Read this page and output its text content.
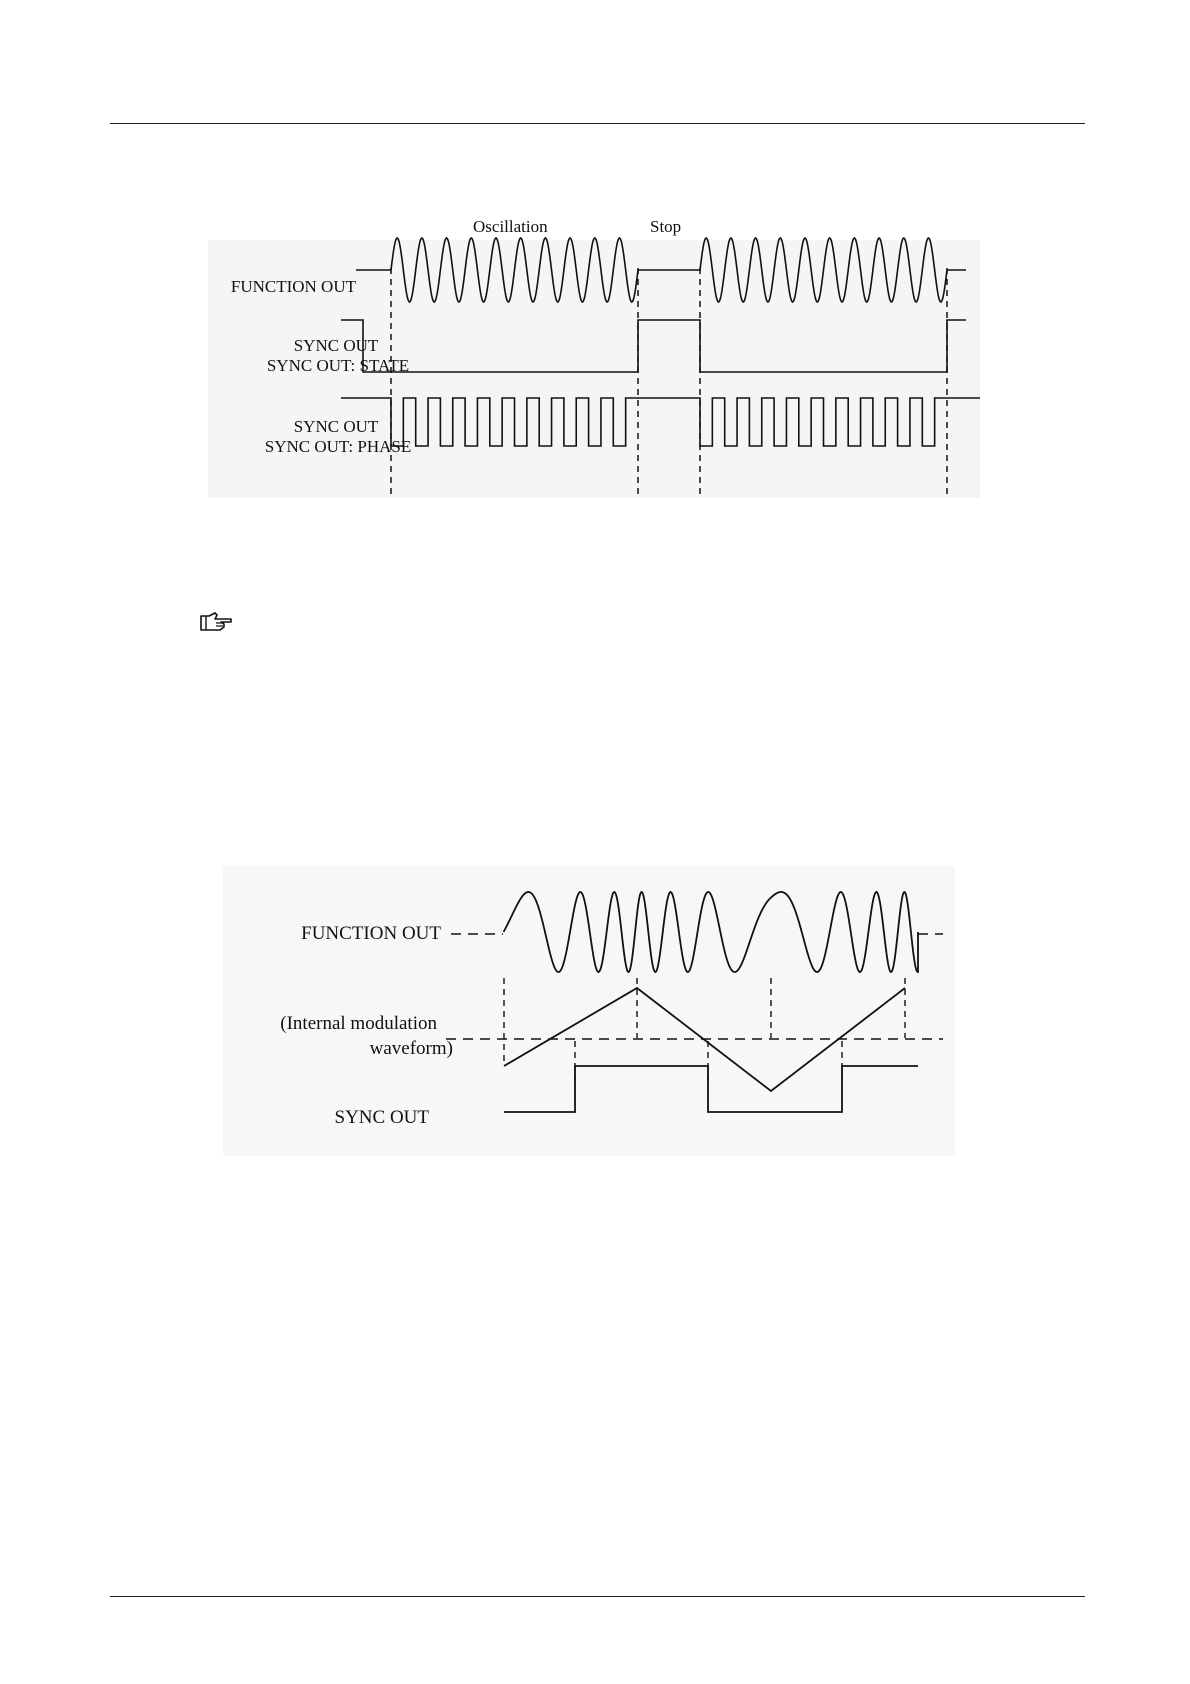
Oscillation	Stop
FUNCTION OUT
SYNC OUT
SYNC OUT: STATE
SYNC OUT
SYNC OUT: PHASE
FUNCTION OUT
(Internal modulation
waveform)
SYNC OUT
